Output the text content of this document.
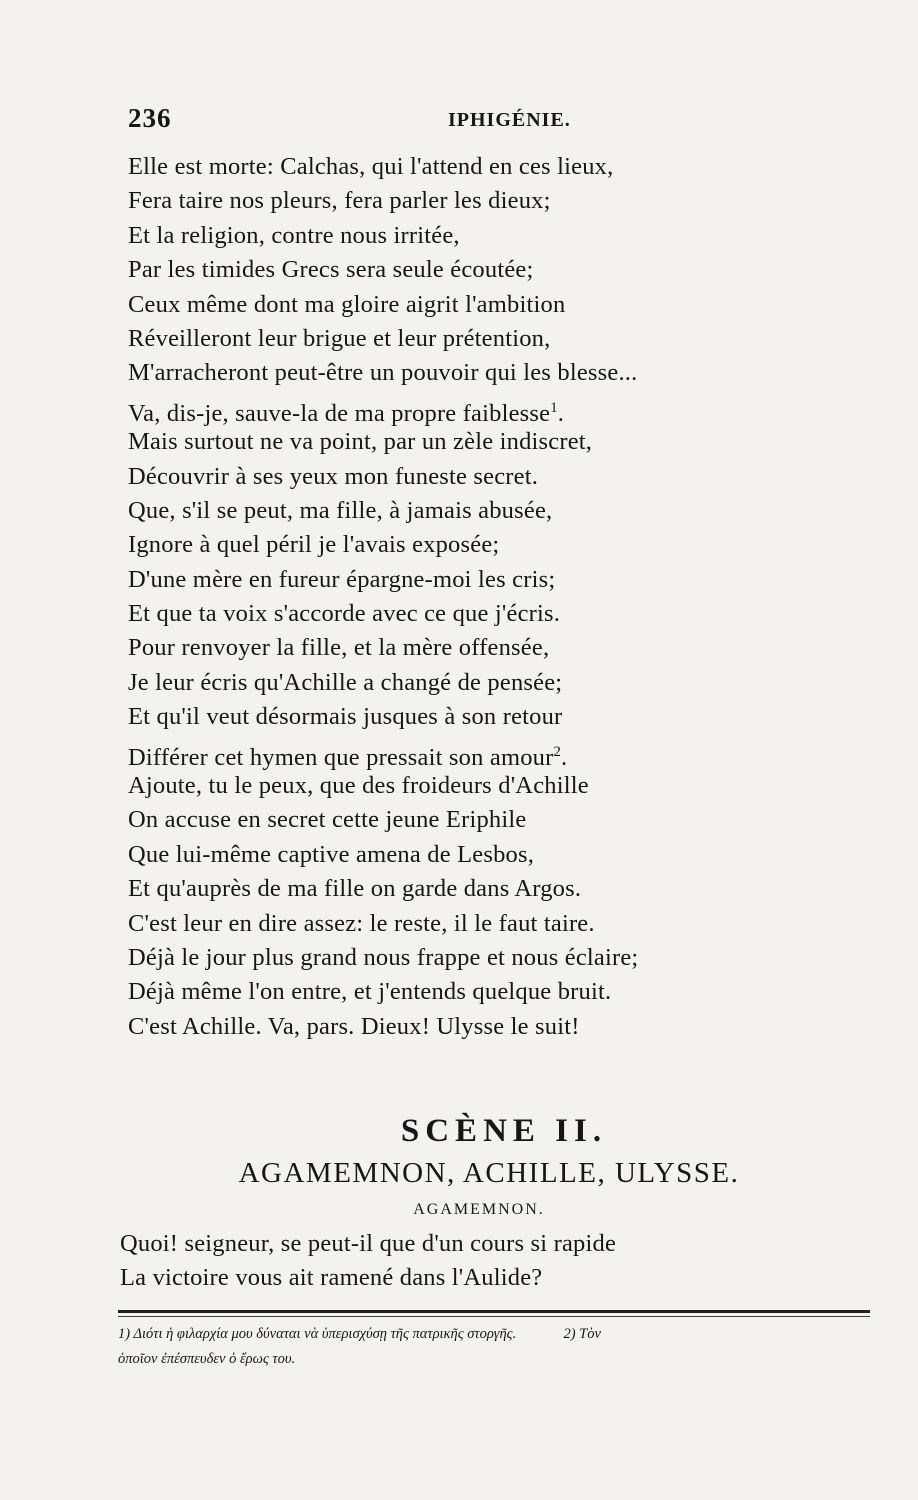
236	IPHIGÉNIE.
Elle est morte: Calchas, qui l'attend en ces lieux,
Fera taire nos pleurs, fera parler les dieux;
Et la religion, contre nous irritée,
Par les timides Grecs sera seule écoutée;
Ceux même dont ma gloire aigrit l'ambition
Réveilleront leur brigue et leur prétention,
M'arracheront peut-être un pouvoir qui les blesse...
Va, dis-je, sauve-la de ma propre faiblesse$^1$.
Mais surtout ne va point, par un zèle indiscret,
Découvrir à ses yeux mon funeste secret.
Que, s'il se peut, ma fille, à jamais abusée,
Ignore à quel péril je l'avais exposée;
D'une mère en fureur épargne-moi les cris;
Et que ta voix s'accorde avec ce que j'écris.
Pour renvoyer la fille, et la mère offensée,
Je leur écris qu'Achille a changé de pensée;
Et qu'il veut désormais jusques à son retour
Différer cet hymen que pressait son amour$^2$.
Ajoute, tu le peux, que des froideurs d'Achille
On accuse en secret cette jeune Eriphile
Que lui-même captive amena de Lesbos,
Et qu'auprès de ma fille on garde dans Argos.
C'est leur en dire assez: le reste, il le faut taire.
Déjà le jour plus grand nous frappe et nous éclaire;
Déjà même l'on entre, et j'entends quelque bruit.
C'est Achille. Va, pars. Dieux! Ulysse le suit!
SCÈNE II.
AGAMEMNON, ACHILLE, ULYSSE.
AGAMEMNON.
Quoi! seigneur, se peut-il que d'un cours si rapide
La victoire vous ait ramené dans l'Aulide?
1) Διότι ἡ φιλαρχία μου δύναται νὰ ὑπερισχύσῃ τῆς πατρικῆς στοργῆς.	2) Τὸν
ὁποῖον ἐπέσπευδεν ὁ ἔρως του.
